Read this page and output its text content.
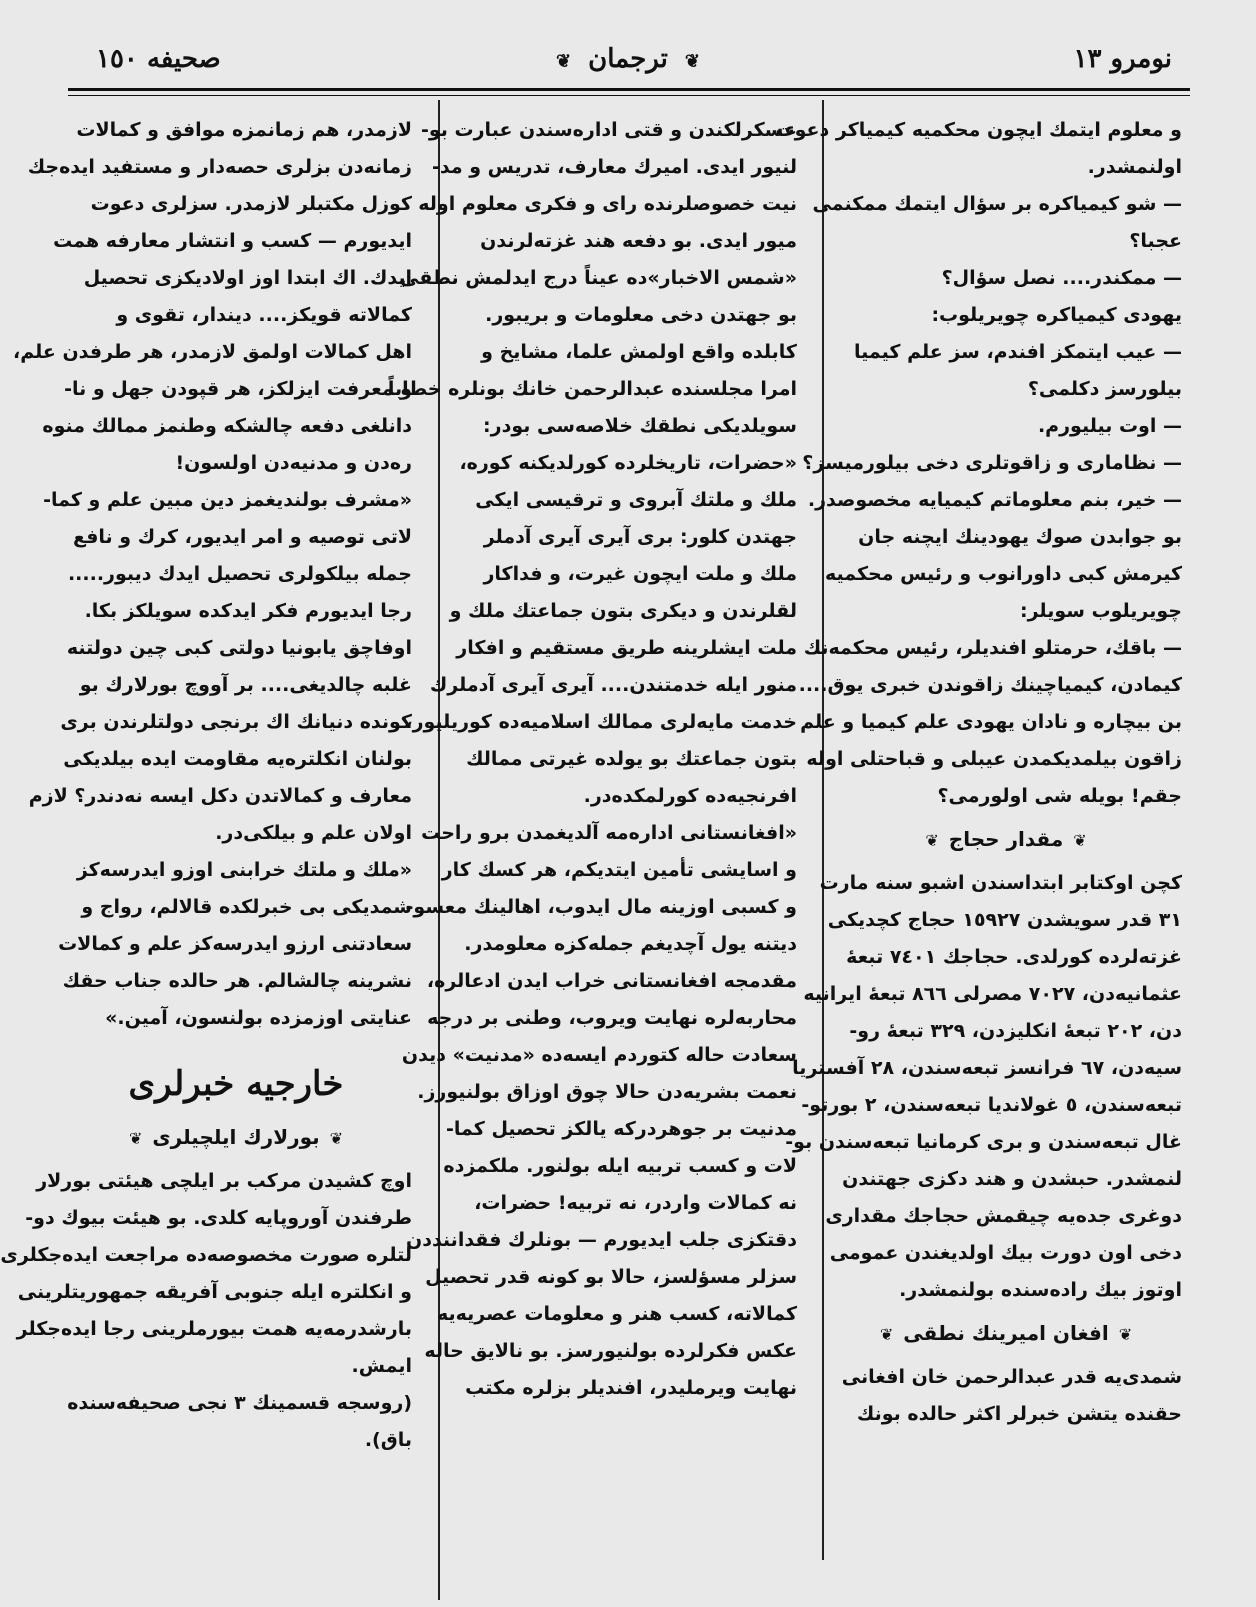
نومرو ١٣
❦ ترجمان ❦
صحيفه ١٥٠
و معلوم ايتمك ايچون محكميه كيمياكر دعوت
اولنمشدر.
— شو كيمياكره بر سؤال ايتمك ممكنمى
عجبا؟
— ممكندر.... نصل سؤال؟
يهودى كيمياكره چويريلوب:
— عيب ايتمكز افندم، سز علم كيميا
بيلورسز دكلمى؟
— اوت بيليورم.
— نظامارى و زاقوتلرى دخى بيلورميسز؟
— خير، بنم معلوماتم كيميايه مخصوصدر.
بو جوابدن صوك يهودينك ايچنه جان
كيرمش كبى داورانوب و رئيس محكميه
چويريلوب سويلر:
— باقك، حرمتلو افنديلر، رئيس محكمه‌نك
كيمادن، كيمياچينك زاقوندن خبرى يوق....
بن بيچاره و نادان يهودى علم كيميا و علم
زاقون بيلمديكمدن عيبلى و قباحتلى اوله
جقم! بويله شى اولورمى؟
❦مقدار حجاج❦
كچن اوكتابر ابتداسندن اشبو سنه مارت
٣١ قدر سويشدن ١٥٩٢٧ حجاج كچديكى
غزته‌لرده كورلدى. حجاجك ٧٤٠١ تبعهٔ
عثمانيه‌دن، ٧٠٢٧ مصرلى ٨٦٦ تبعهٔ ايرانيه
دن، ٢٠٢ تبعهٔ انكليزدن، ٣٢٩ تبعهٔ رو-
سيه‌دن، ٦٧ فرانسز تبعه‌سندن، ٢٨ آفستريا
تبعه‌سندن، ٥ غولانديا تبعه‌سندن، ٢ بورتو-
غال تبعه‌سندن و برى كرمانيا تبعه‌سندن بو-
لنمشدر. حبشدن و هند دكزى جهتندن
دوغرى جده‌يه چيقمش حجاجك مقدارى
دخى اون دورت بيك اولديغندن عمومى
اوتوز بيك راده‌سنده بولنمشدر.
❦افغان اميرينك نطقى❦
شمدى‌يه قدر عبدالرحمن خان افغانى
حقنده يتشن خبرلر اكثر حالده بونك
عسكرلكندن و قتى اداره‌سندن عبارت بو-
لنيور ايدى. اميرك معارف، تدريس و مد-
نيت خصوصلرنده راى و فكرى معلوم اوله
ميور ايدى. بو دفعه هند غزته‌لرندن
«شمس الاخبار»ده عيناً درج ايدلمش نطقى
بو جهتدن دخى معلومات و بريبور.
كابلده واقع اولمش علما، مشايخ و
امرا مجلسنده عبدالرحمن خانك بونلره خطاباً
سويلديكى نطقك خلاصه‌سى بودر:
«حضرات، تاريخلرده كورلديكنه كوره،
ملك و ملتك آبروى و ترقيسى ايكى
جهتدن كلور: برى آيرى آيرى آدملر
ملك و ملت ايچون غيرت، و فداكار
لقلرندن و ديكرى بتون جماعتك ملك و
ملت ايشلرينه طريق مستقيم و افكار
منور ايله خدمتندن.... آيرى آيرى آدملرك
خدمت مايه‌لرى ممالك اسلاميه‌ده كوريليور،
بتون جماعتك بو يولده غيرتى ممالك
افرنجيه‌ده كورلمكده‌در.
«افغانستانى اداره‌مه آلديغمدن برو راحت
و اسايشى تأمين ايتديكم، هر كسك كار
و كسبى اوزينه مال ايدوب، اهالينك معسو-
ديتنه يول آچديغم جمله‌كزه معلومدر.
مقدمجه افغانستانى خراب ايدن ادعالره،
محاربه‌لره نهايت ويروب، وطنى بر درجه
سعادت حاله كتوردم ايسه‌ده «مدنيت» ديدن
نعمت بشريه‌دن حالا چوق اوزاق بولنيورز.
مدنيت بر جوهردركه يالكز تحصيل كما-
لات و كسب تربيه ايله بولنور. ملكمزده
نه كمالات واردر، نه تربيه! حضرات،
دقتكزى جلب ايديورم — بونلرك فقداننددن
سزلر مسؤلسز، حالا بو كونه قدر تحصيل
كمالاته، كسب هنر و معلومات عصريه‌يه
عكس فكرلرده بولنيورسز. بو نالايق حاله
نهايت ويرمليدر، افنديلر بزلره مكتب
لازمدر، هم زمانمزه موافق و كمالات
زمانه‌دن بزلرى حصه‌دار و مستفيد ايده‌جك
كوزل مكتبلر لازمدر. سزلرى دعوت
ايديورم — كسب و انتشار معارفه همت
ايدك. اك ابتدا اوز اولاديكزى تحصيل
كمالاته قويكز.... ديندار، تقوى و
اهل كمالات اولمق لازمدر، هر طرفدن علم،
و معرفت ايزلكز، هر قپودن جهل و نا-
دانلغى دفعه چالشكه وطنمز ممالك منوه
ره‌دن و مدنيه‌دن اولسون!
«مشرف بولنديغمز دين مبين علم و كما-
لاتى توصيه و امر ايديور، كرك و نافع
جمله بيلكولرى تحصيل ايدك ديبور.....
رجا ايديورم فكر ايدكده سويلكز بكا.
اوفاچق يابونيا دولتى كبى چين دولتنه
غلبه چالديغى.... بر آووچ بورلارك بو
كونده دنيانك اك برنجى دولتلرندن برى
بولنان انكلتره‌يه مقاومت ايده بيلديكى
معارف و كمالاتدن دكل ايسه نه‌دندر؟ لازم
اولان علم و بيلكى‌در.
«ملك و ملتك خرابنى اوزو ايدرسه‌كز
شمديكى بى خبرلكده قالالم، رواج و
سعادتنى ارزو ايدرسه‌كز علم و كمالات
نشرينه چالشالم. هر حالده جناب حقك
عنايتى اوزمزده بولنسون، آمين.»
خارجيه خبرلرى
❦بورلارك ايلچيلرى❦
اوچ كشيدن مركب بر ايلچى هيئتى بورلار
طرفندن آوروپايه كلدى. بو هيئت بيوك دو-
لتلره صورت مخصوصه‌ده مراجعت ايده‌جكلرى
و انكلتره ايله جنوبى آفريقه جمهوريتلرينى
بارشدرمه‌يه همت بيورملرينى رجا ايده‌جكلر
ايمش.
(روسجه قسمينك ٣ نجى صحيفه‌سنده
باق).
